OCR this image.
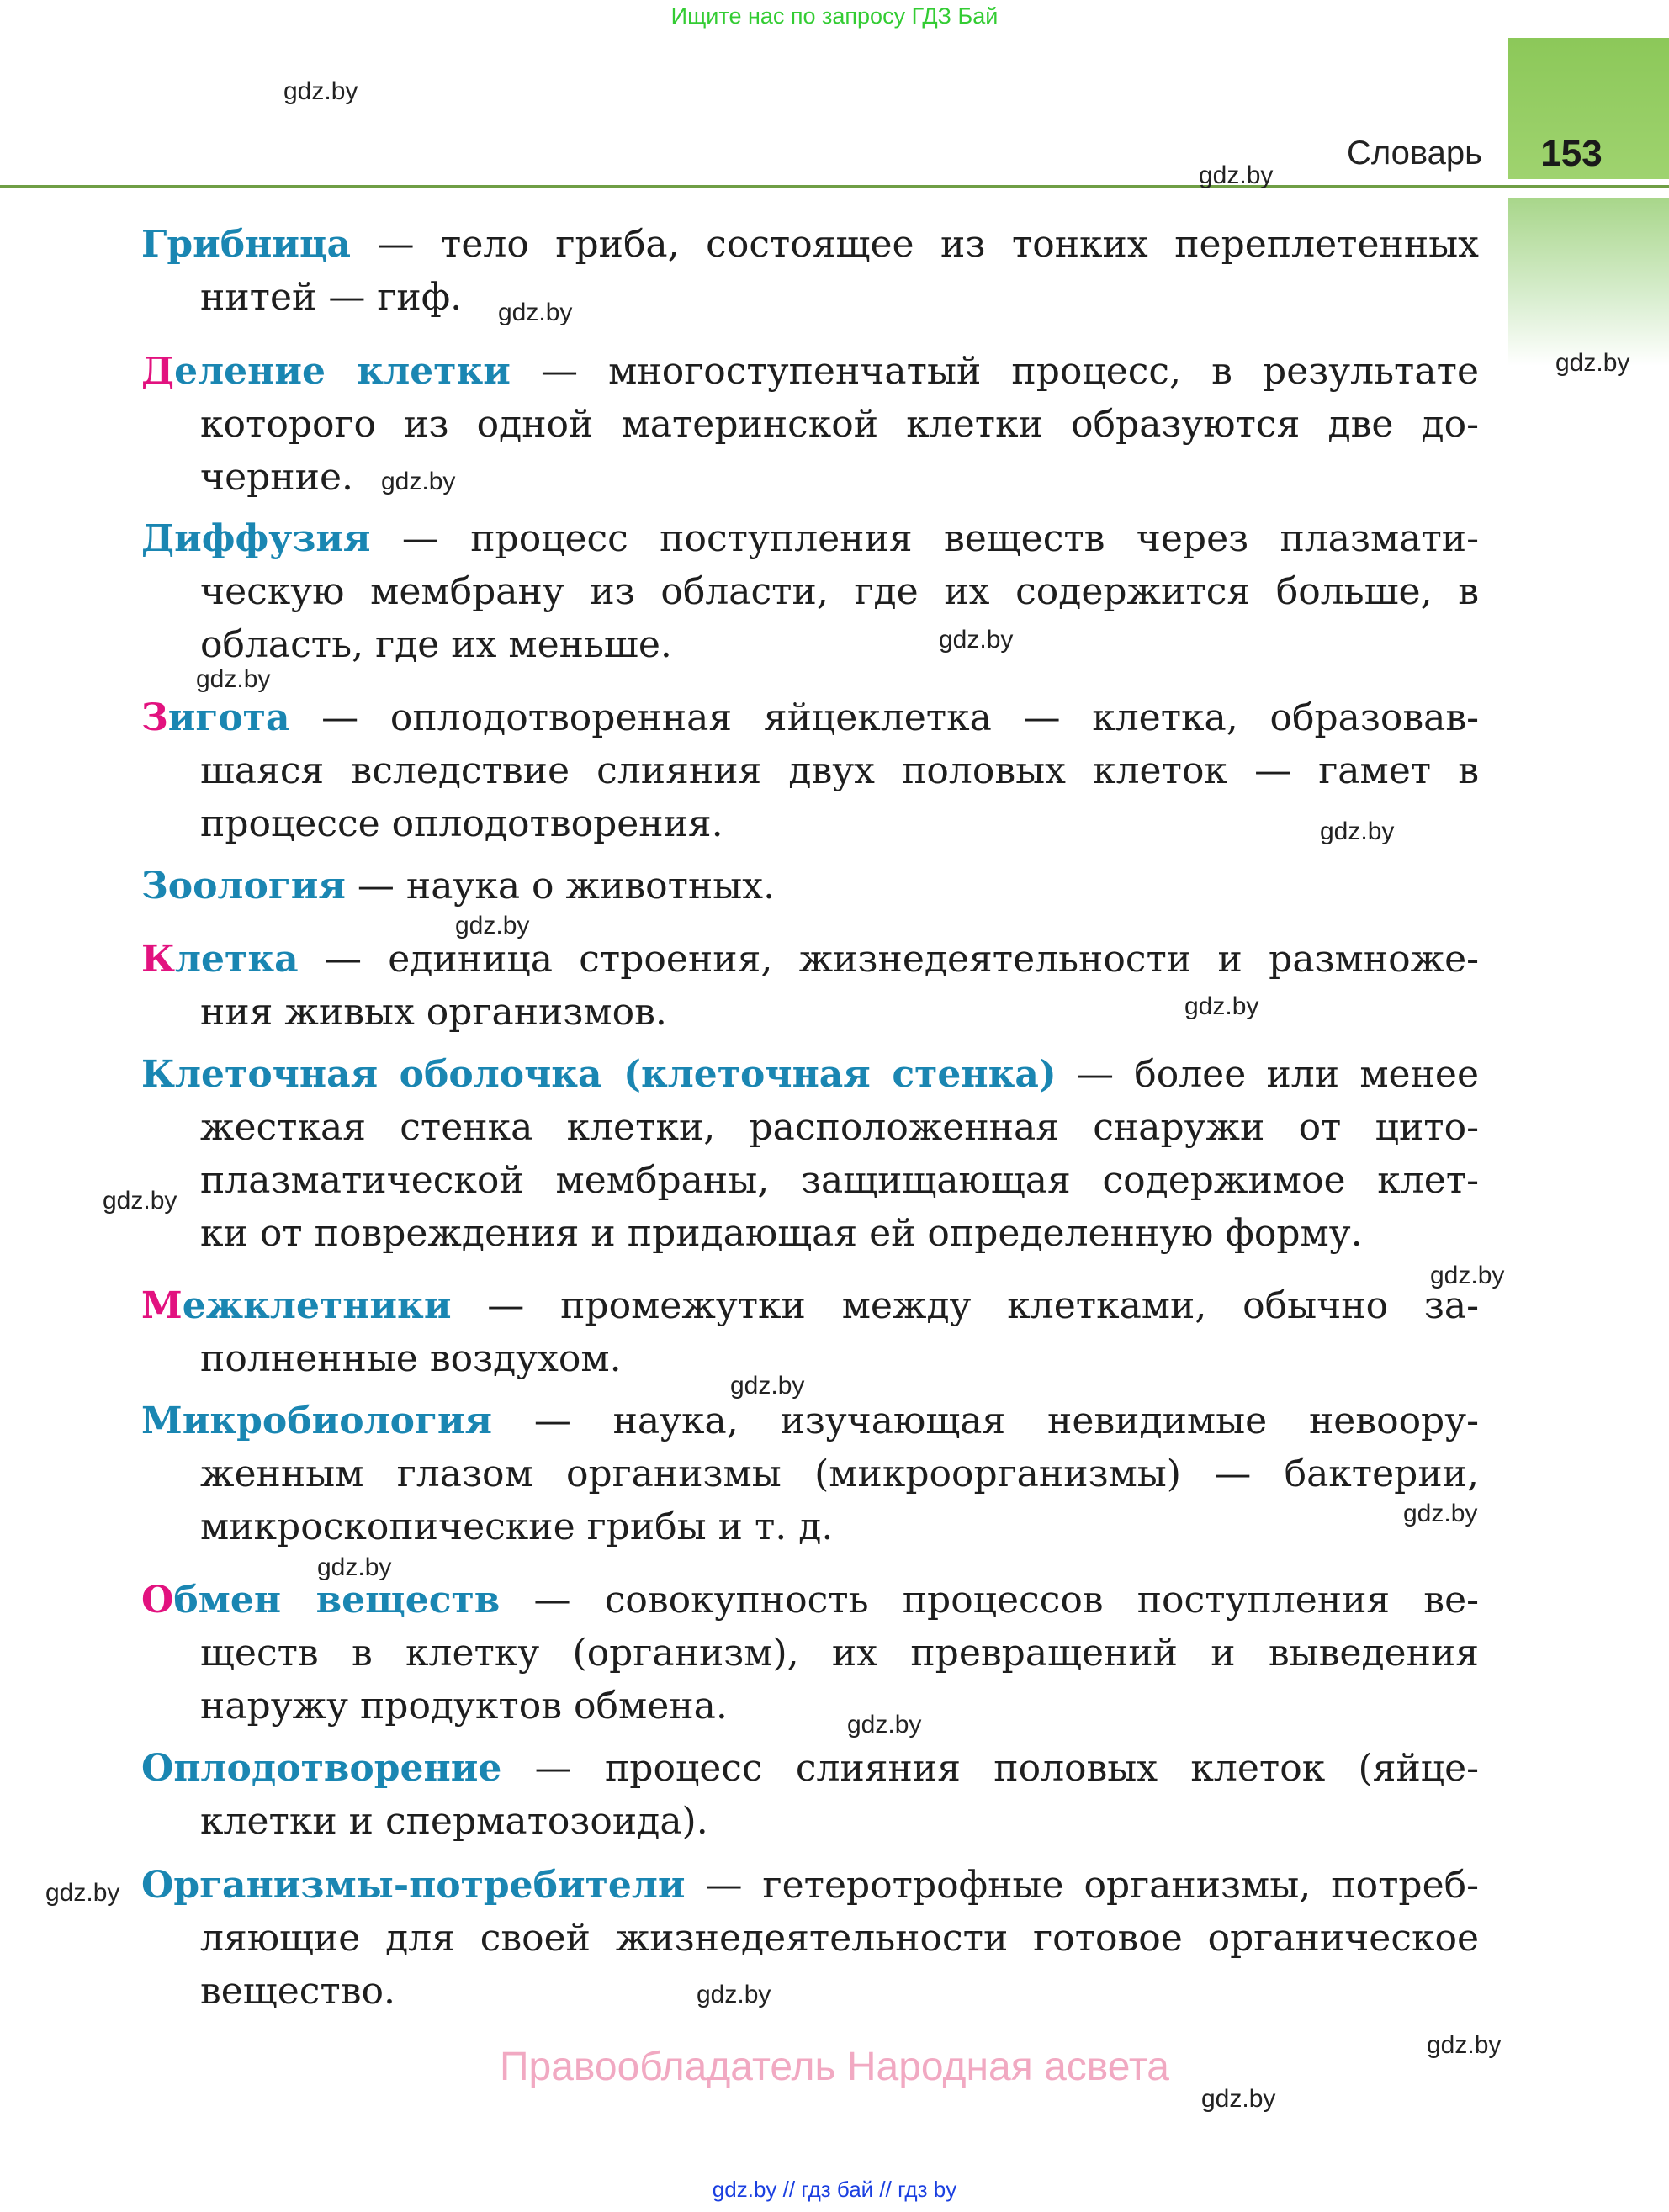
Ищите нас по запросу ГДЗ Бай
153
Словарь
Грибница — тело гриба, состоящее из тонких переплетенных
нитей — гиф.
Деление клетки — многоступенчатый процесс, в результате
которого из одной материнской клетки образуются две до-
черние.
Диффузия — процесс поступления веществ через плазмати-
ческую мембрану из области, где их содержится больше, в
область, где их меньше.
Зигота — оплодотворенная яйцеклетка — клетка, образовав-
шаяся вследствие слияния двух половых клеток — гамет в
процессе оплодотворения.
Зоология — наука о животных.
Клетка — единица строения, жизнедеятельности и размноже-
ния живых организмов.
Клеточная оболочка (клеточная стенка) — более или менее
жесткая стенка клетки, расположенная снаружи от цито-
плазматической мембраны, защищающая содержимое клет-
ки от повреждения и придающая ей определенную форму.
Межклетники — промежутки между клетками, обычно за-
полненные воздухом.
Микробиология — наука, изучающая невидимые невоору-
женным глазом организмы (микроорганизмы) — бактерии,
микроскопические грибы и т. д.
Обмен веществ — совокупность процессов поступления ве-
ществ в клетку (организм), их превращений и выведения
наружу продуктов обмена.
Оплодотворение — процесс слияния половых клеток (яйце-
клетки и сперматозоида).
Организмы-потребители — гетеротрофные организмы, потреб-
ляющие для своей жизнедеятельности готовое органическое
вещество.
gdz.by
gdz.by
gdz.by
gdz.by
gdz.by
gdz.by
gdz.by
gdz.by
gdz.by
gdz.by
gdz.by
gdz.by
gdz.by
gdz.by
gdz.by
gdz.by
gdz.by
gdz.by
gdz.by
gdz.by
Правообладатель Народная асвета
gdz.by // гдз бай // гдз by
